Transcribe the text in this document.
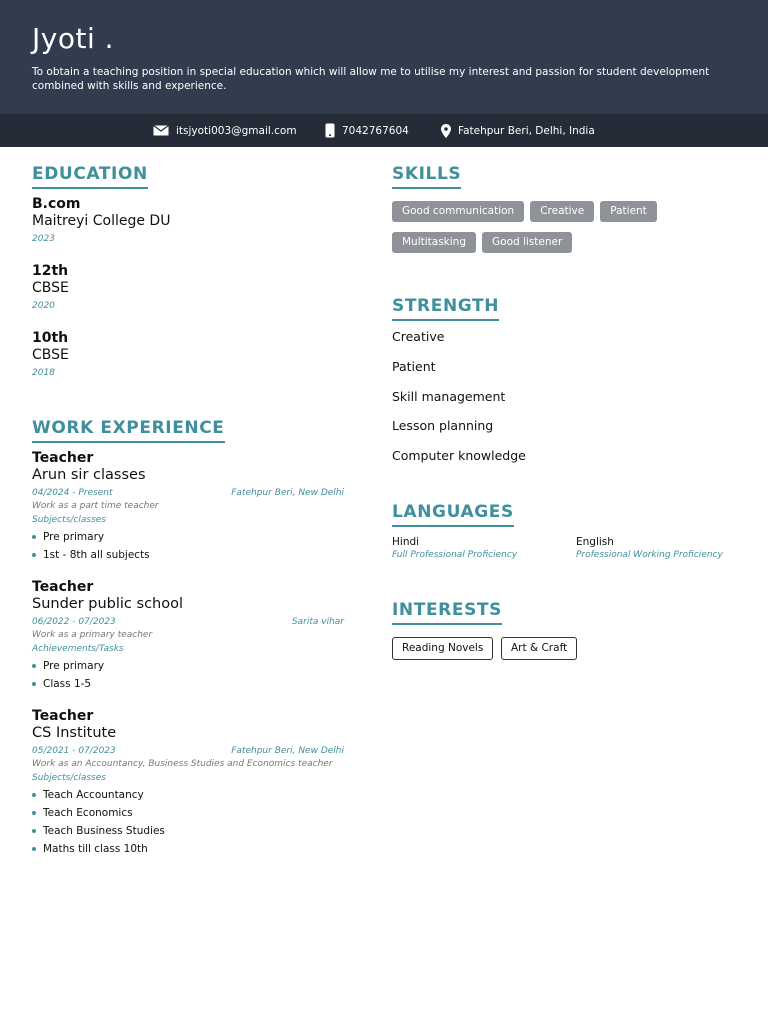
Jyoti .

To obtain a teaching position in special education which will allow me to utilise my interest and passion for student development combined with skills and experience.

itsjyoti003@gmail.com	7042767604	Fatehpur Beri, Delhi, India
EDUCATION
B.com
Maitreyi College DU
2023
12th
CBSE
2020
10th
CBSE
2018
WORK EXPERIENCE
Teacher
Arun sir classes
04/2024 - Present	Fatehpur Beri, New Delhi
Work as a part time teacher
Subjects/classes
Pre primary
1st - 8th all subjects
Teacher
Sunder public school
06/2022 - 07/2023	Sarita vihar
Work as a primary teacher
Achievements/Tasks
Pre primary
Class 1-5
Teacher
CS Institute
05/2021 - 07/2023	Fatehpur Beri, New Delhi
Work as an Accountancy, Business Studies and Economics teacher
Subjects/classes
Teach Accountancy
Teach Economics
Teach Business Studies
Maths till class 10th
SKILLS
Good communication	Creative	Patient
Multitasking	Good listener
STRENGTH
Creative
Patient
Skill management
Lesson planning
Computer knowledge
LANGUAGES
Hindi
Full Professional Proficiency
English
Professional Working Proficiency
INTERESTS
Reading Novels	Art & Craft
